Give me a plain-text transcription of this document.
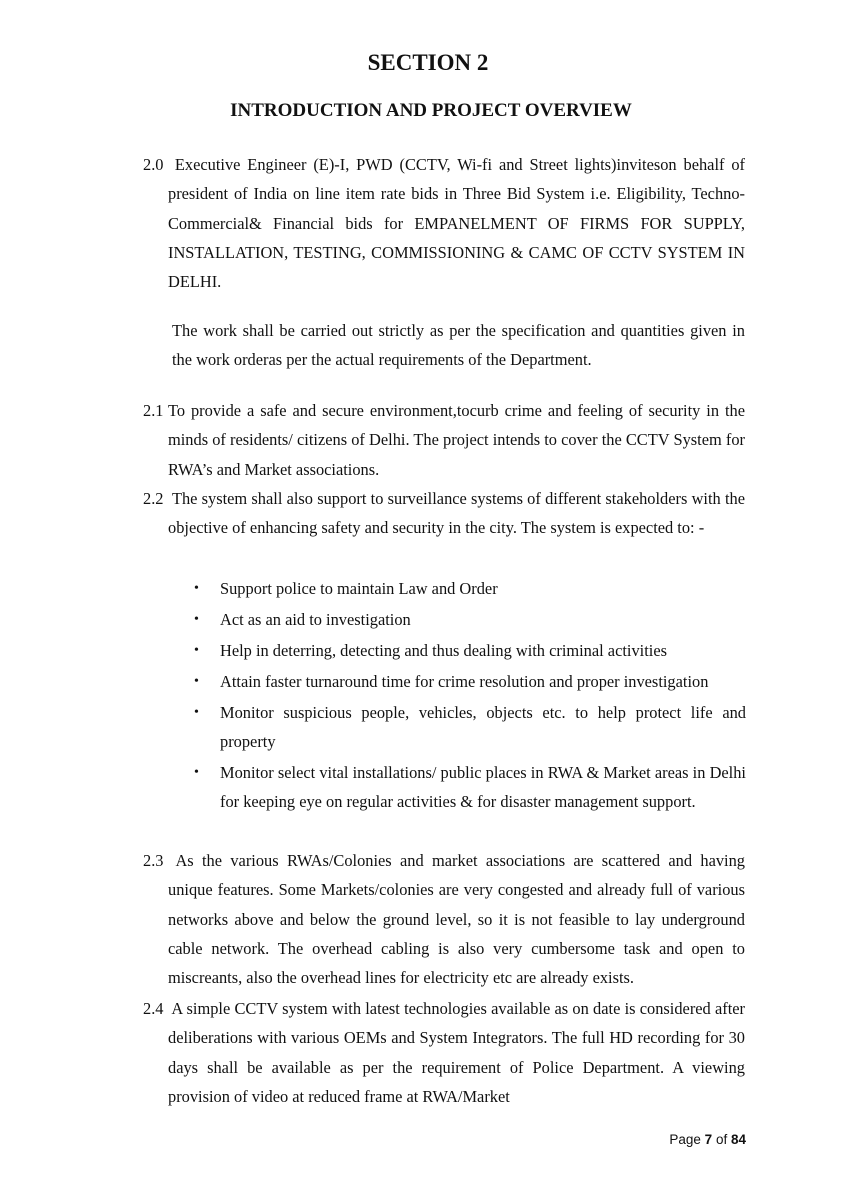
SECTION 2
INTRODUCTION AND PROJECT OVERVIEW

2.0 Executive Engineer (E)-I, PWD (CCTV, Wi-fi and Street lights)inviteson behalf of president of India on line item rate bids in Three Bid System i.e. Eligibility, Techno-Commercial& Financial bids for EMPANELMENT OF FIRMS FOR SUPPLY, INSTALLATION, TESTING, COMMISSIONING & CAMC OF CCTV SYSTEM IN DELHI.

The work shall be carried out strictly as per the specification and quantities given in the work orderas per the actual requirements of the Department.

2.1 To provide a safe and secure environment,tocurb crime and feeling of security in the minds of residents/ citizens of Delhi. The project intends to cover the CCTV System for RWA’s and Market associations.

2.2 The system shall also support to surveillance systems of different stakeholders with the objective of enhancing safety and security in the city. The system is expected to: -

• Support police to maintain Law and Order
• Act as an aid to investigation
• Help in deterring, detecting and thus dealing with criminal activities
• Attain faster turnaround time for crime resolution and proper investigation
• Monitor suspicious people, vehicles, objects etc. to help protect life and property
• Monitor select vital installations/ public places in RWA & Market areas in Delhi for keeping eye on regular activities & for disaster management support.

2.3 As the various RWAs/Colonies and market associations are scattered and having unique features. Some Markets/colonies are very congested and already full of various networks above and below the ground level, so it is not feasible to lay underground cable network. The overhead cabling is also very cumbersome task and open to miscreants, also the overhead lines for electricity etc are already exists.

2.4 A simple CCTV system with latest technologies available as on date is considered after deliberations with various OEMs and System Integrators. The full HD recording for 30 days shall be available as per the requirement of Police Department. A viewing provision of video at reduced frame at RWA/Market

Page 7 of 84
